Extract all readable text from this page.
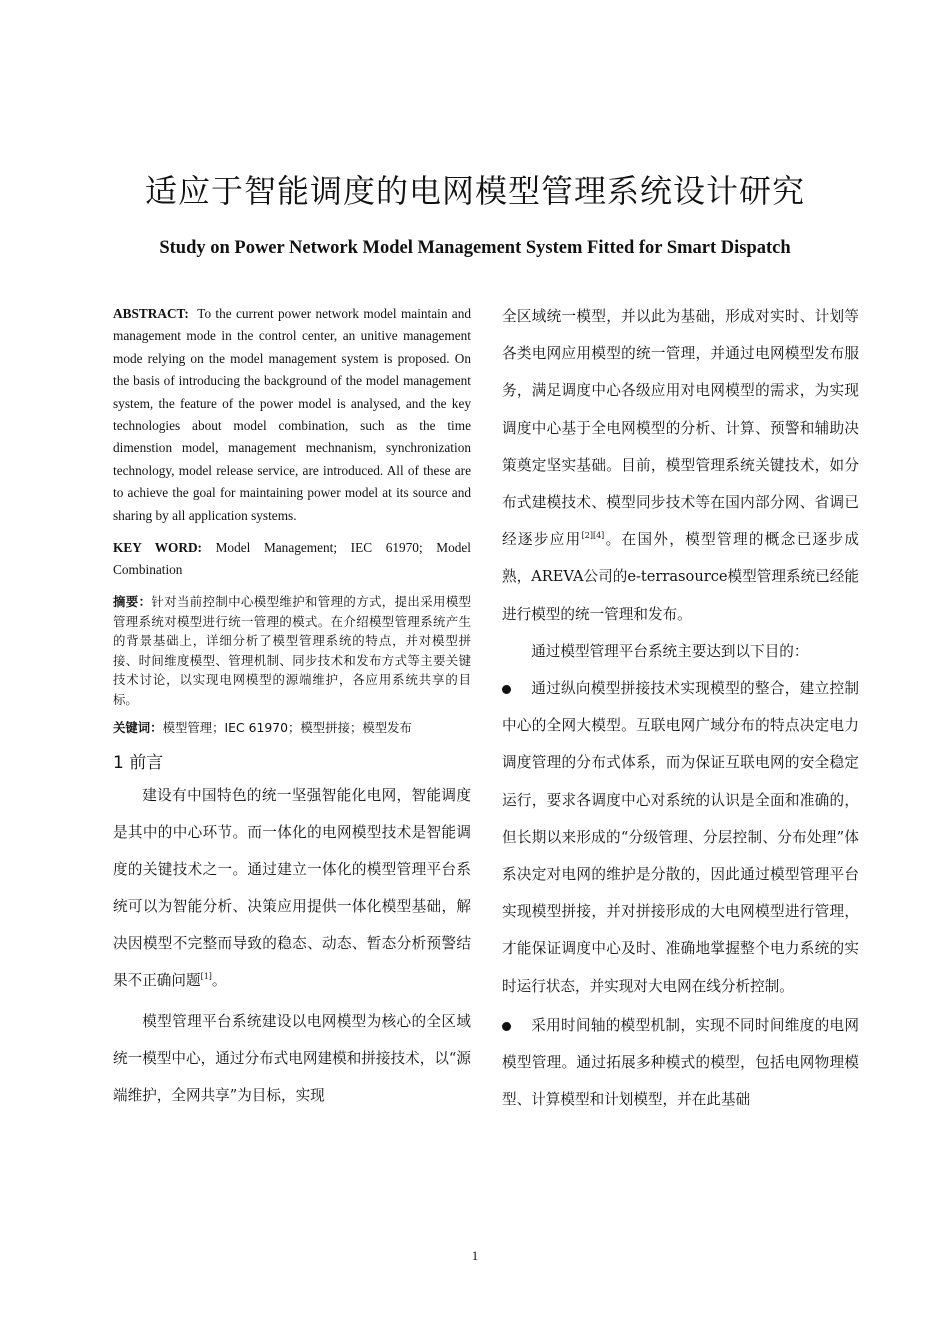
适应于智能调度的电网模型管理系统设计研究
Study on Power Network Model Management System Fitted for Smart Dispatch

ABSTRACT: To the current power network model maintain and management mode in the control center, an unitive management mode relying on the model management system is proposed. On the basis of introducing the background of the model management system, the feature of the power model is analysed, and the key technologies about model combination, such as the time dimenstion model, management mechnanism, synchronization technology, model release service, are introduced. All of these are to achieve the goal for maintaining power model at its source and sharing by all application systems.

KEY WORD: Model Management; IEC 61970; Model Combination

摘要：针对当前控制中心模型维护和管理的方式，提出采用模型管理系统对模型进行统一管理的模式。在介绍模型管理系统产生的背景基础上，详细分析了模型管理系统的特点，并对模型拼接、时间维度模型、管理机制、同步技术和发布方式等主要关键技术讨论，以实现电网模型的源端维护，各应用系统共享的目标。

关键词：模型管理；IEC 61970；模型拼接；模型发布

1 前言

建设有中国特色的统一坚强智能化电网，智能调度是其中的中心环节。而一体化的电网模型技术是智能调度的关键技术之一。通过建立一体化的模型管理平台系统可以为智能分析、决策应用提供一体化模型基础，解决因模型不完整而导致的稳态、动态、暂态分析预警结果不正确问题[1]。

模型管理平台系统建设以电网模型为核心的全区域统一模型中心，通过分布式电网建模和拼接技术，以“源端维护，全网共享”为目标，实现

全区域统一模型，并以此为基础，形成对实时、计划等各类电网应用模型的统一管理，并通过电网模型发布服务，满足调度中心各级应用对电网模型的需求，为实现调度中心基于全电网模型的分析、计算、预警和辅助决策奠定坚实基础。目前，模型管理系统关键技术，如分布式建模技术、模型同步技术等在国内部分网、省调已经逐步应用[2][4]。在国外，模型管理的概念已逐步成熟，AREVA公司的e-terrasource模型管理系统已经能进行模型的统一管理和发布。

通过模型管理平台系统主要达到以下目的：

通过纵向模型拼接技术实现模型的整合，建立控制中心的全网大模型。互联电网广域分布的特点决定电力调度管理的分布式体系，而为保证互联电网的安全稳定运行，要求各调度中心对系统的认识是全面和准确的，但长期以来形成的“分级管理、分层控制、分布处理”体系决定对电网的维护是分散的，因此通过模型管理平台实现模型拼接，并对拼接形成的大电网模型进行管理，才能保证调度中心及时、准确地掌握整个电力系统的实时运行状态，并实现对大电网在线分析控制。

采用时间轴的模型机制，实现不同时间维度的电网模型管理。通过拓展多种模式的模型，包括电网物理模型、计算模型和计划模型，并在此基础

1
